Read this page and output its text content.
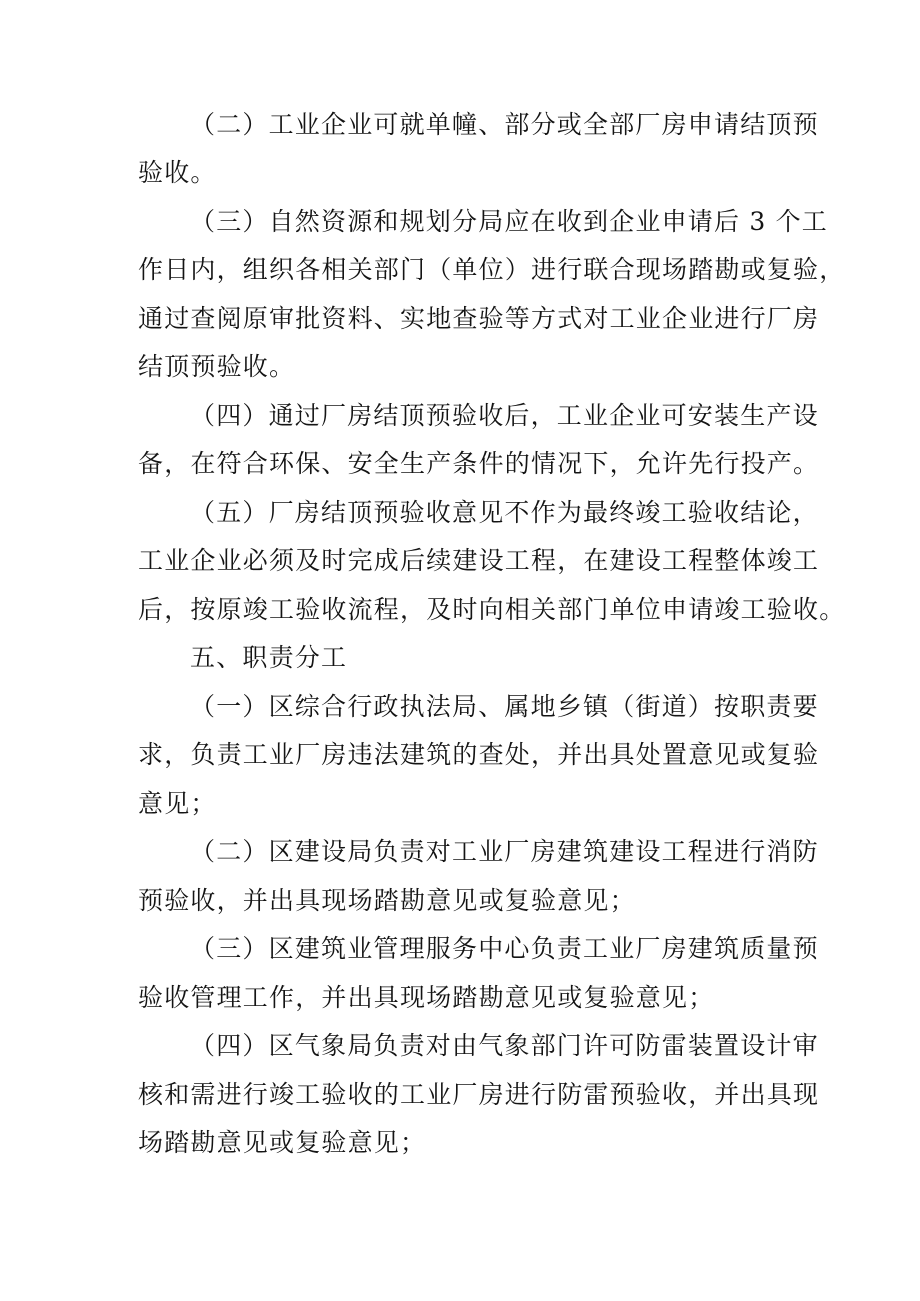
（二）工业企业可就单幢、部分或全部厂房申请结顶预
验收。
（三）自然资源和规划分局应在收到企业申请后 3 个工
作日内，组织各相关部门（单位）进行联合现场踏勘或复验，
通过查阅原审批资料、实地查验等方式对工业企业进行厂房
结顶预验收。
（四）通过厂房结顶预验收后，工业企业可安装生产设
备，在符合环保、安全生产条件的情况下，允许先行投产。
（五）厂房结顶预验收意见不作为最终竣工验收结论，
工业企业必须及时完成后续建设工程，在建设工程整体竣工
后，按原竣工验收流程，及时向相关部门单位申请竣工验收。
五、职责分工
（一）区综合行政执法局、属地乡镇（街道）按职责要
求，负责工业厂房违法建筑的查处，并出具处置意见或复验
意见；
（二）区建设局负责对工业厂房建筑建设工程进行消防
预验收，并出具现场踏勘意见或复验意见；
（三）区建筑业管理服务中心负责工业厂房建筑质量预
验收管理工作，并出具现场踏勘意见或复验意见；
（四）区气象局负责对由气象部门许可防雷装置设计审
核和需进行竣工验收的工业厂房进行防雷预验收，并出具现
场踏勘意见或复验意见；
